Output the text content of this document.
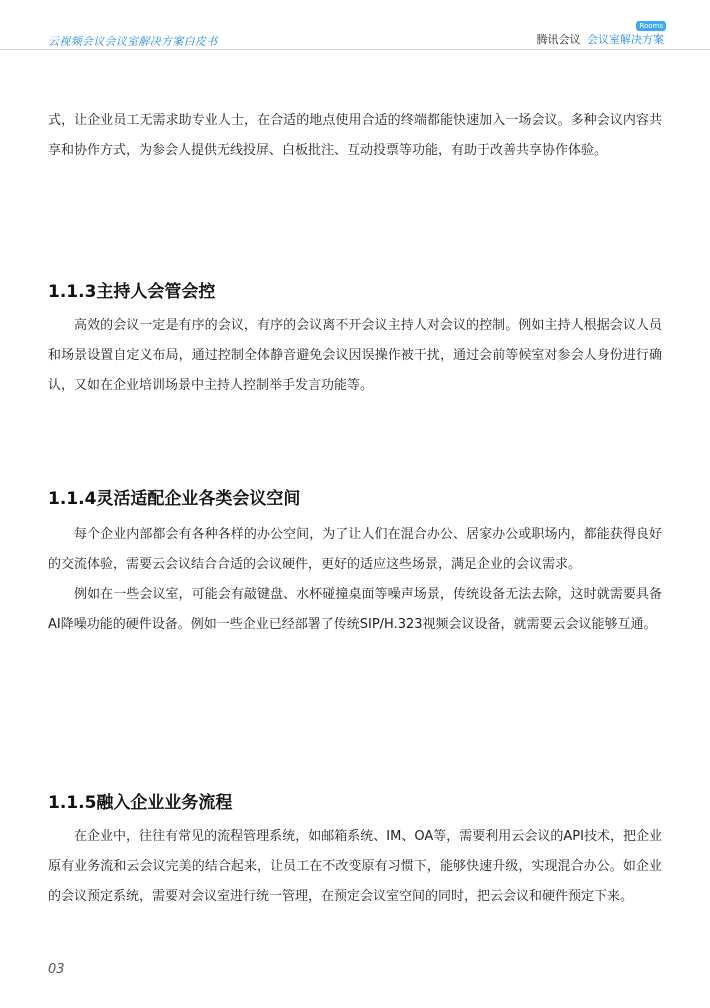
云视频会议会议室解决方案白皮书
Rooms
腾讯会议 会议室解决方案

式，让企业员工无需求助专业人士，在合适的地点使用合适的终端都能快速加入一场会议。多种会议内容共享和协作方式，为参会人提供无线投屏、白板批注、互动投票等功能，有助于改善共享协作体验。

1.1.3主持人会管会控

高效的会议一定是有序的会议，有序的会议离不开会议主持人对会议的控制。例如主持人根据会议人员和场景设置自定义布局，通过控制全体静音避免会议因误操作被干扰，通过会前等候室对参会人身份进行确认，又如在企业培训场景中主持人控制举手发言功能等。

1.1.4灵活适配企业各类会议空间

每个企业内部都会有各种各样的办公空间，为了让人们在混合办公、居家办公或职场内，都能获得良好的交流体验，需要云会议结合合适的会议硬件，更好的适应这些场景，满足企业的会议需求。

例如在一些会议室，可能会有敲键盘、水杯碰撞桌面等噪声场景，传统设备无法去除，这时就需要具备AI降噪功能的硬件设备。例如一些企业已经部署了传统SIP/H.323视频会议设备，就需要云会议能够互通。

1.1.5融入企业业务流程

在企业中，往往有常见的流程管理系统，如邮箱系统、IM、OA等，需要利用云会议的API技术，把企业原有业务流和云会议完美的结合起来，让员工在不改变原有习惯下，能够快速升级，实现混合办公。如企业的会议预定系统，需要对会议室进行统一管理，在预定会议室空间的同时，把云会议和硬件预定下来。

03
